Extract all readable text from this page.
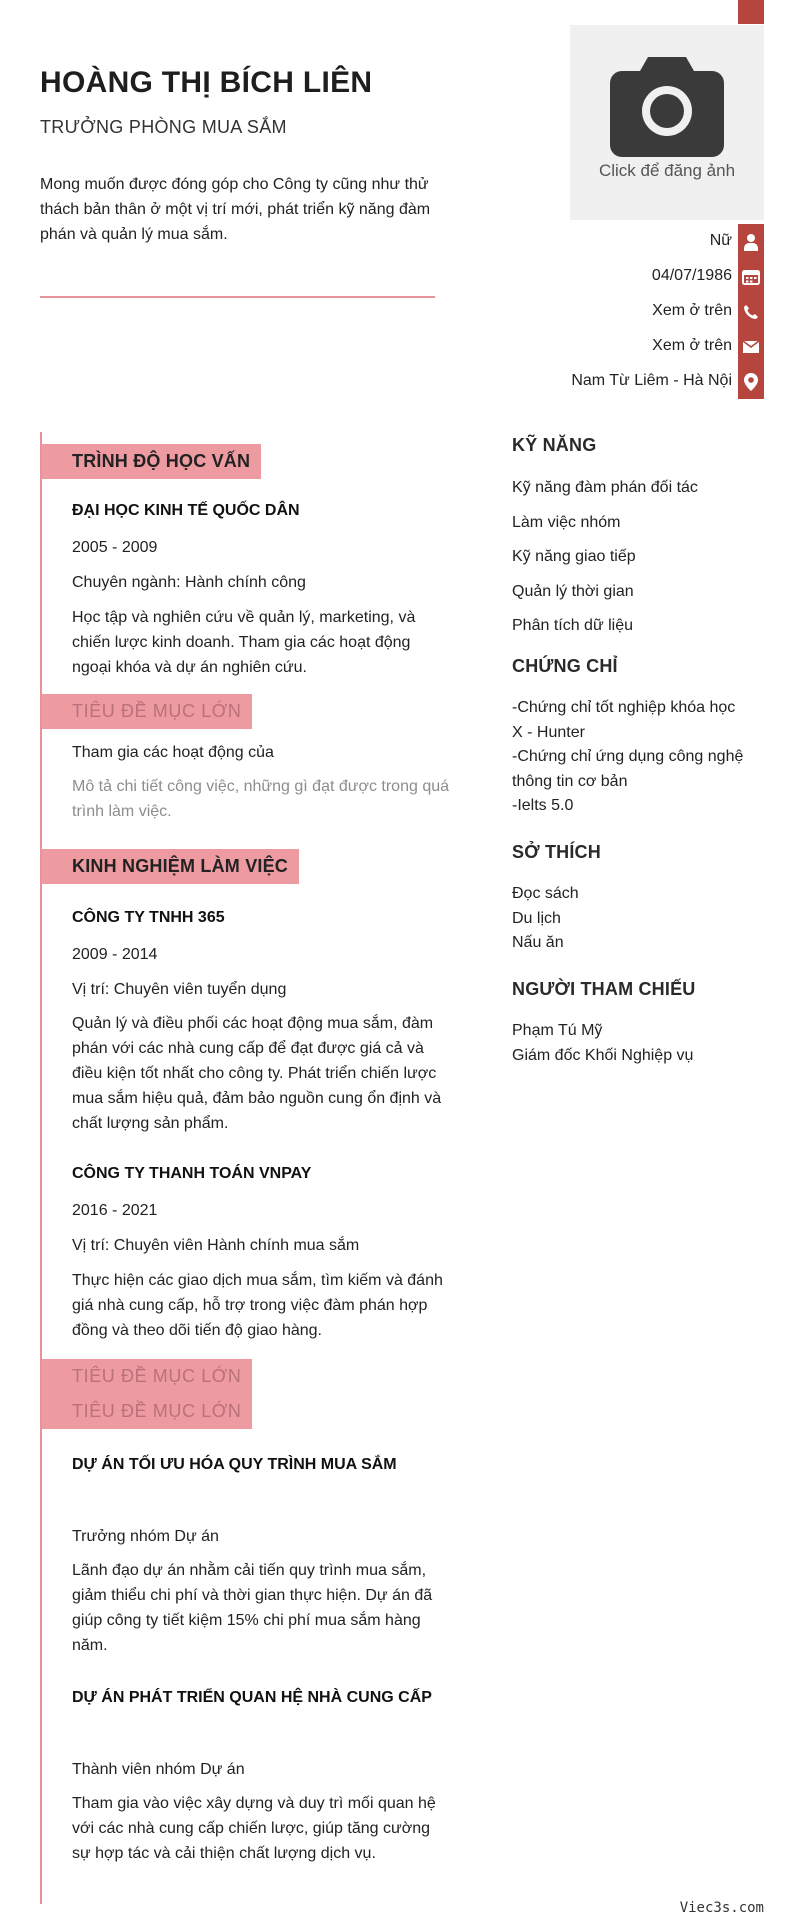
HOÀNG THỊ BÍCH LIÊN
TRƯỞNG PHÒNG MUA SẮM
Mong muốn được đóng góp cho Công ty cũng như thử thách bản thân ở một vị trí mới, phát triển kỹ năng đàm phán và quản lý mua sắm.
Click để đăng ảnh
Nữ
04/07/1986
Xem ở trên
Xem ở trên
Nam Từ Liêm - Hà Nội
TRÌNH ĐỘ HỌC VẤN
ĐẠI HỌC KINH TẾ QUỐC DÂN
2005 - 2009
Chuyên ngành: Hành chính công
Học tập và nghiên cứu về quản lý, marketing, và chiến lược kinh doanh. Tham gia các hoạt động ngoại khóa và dự án nghiên cứu.
TIÊU ĐỀ MỤC LỚN
Tham gia các hoạt động của
Mô tả chi tiết công việc, những gì đạt được trong quá trình làm việc.
KINH NGHIỆM LÀM VIỆC
CÔNG TY TNHH 365
2009 - 2014
Vị trí: Chuyên viên tuyển dụng
Quản lý và điều phối các hoạt động mua sắm, đàm phán với các nhà cung cấp để đạt được giá cả và điều kiện tốt nhất cho công ty. Phát triển chiến lược mua sắm hiệu quả, đảm bảo nguồn cung ổn định và chất lượng sản phẩm.
CÔNG TY THANH TOÁN VNPAY
2016 - 2021
Vị trí: Chuyên viên Hành chính mua sắm
Thực hiện các giao dịch mua sắm, tìm kiếm và đánh giá nhà cung cấp, hỗ trợ trong việc đàm phán hợp đồng và theo dõi tiến độ giao hàng.
TIÊU ĐỀ MỤC LỚN
TIÊU ĐỀ MỤC LỚN
DỰ ÁN TỐI ƯU HÓA QUY TRÌNH MUA SẮM
Trưởng nhóm Dự án
Lãnh đạo dự án nhằm cải tiến quy trình mua sắm, giảm thiểu chi phí và thời gian thực hiện. Dự án đã giúp công ty tiết kiệm 15% chi phí mua sắm hàng năm.
DỰ ÁN PHÁT TRIỂN QUAN HỆ NHÀ CUNG CẤP
Thành viên nhóm Dự án
Tham gia vào việc xây dựng và duy trì mối quan hệ với các nhà cung cấp chiến lược, giúp tăng cường sự hợp tác và cải thiện chất lượng dịch vụ.
KỸ NĂNG
Kỹ năng đàm phán đối tác
Làm việc nhóm
Kỹ năng giao tiếp
Quản lý thời gian
Phân tích dữ liệu
CHỨNG CHỈ
-Chứng chỉ tốt nghiệp khóa học
X - Hunter
-Chứng chỉ ứng dụng công nghệ
thông tin cơ bản
-Ielts 5.0
SỞ THÍCH
Đọc sách
Du lịch
Nấu ăn
NGƯỜI THAM CHIẾU
Phạm Tú Mỹ
Giám đốc Khối Nghiệp vụ
Viec3s.com
